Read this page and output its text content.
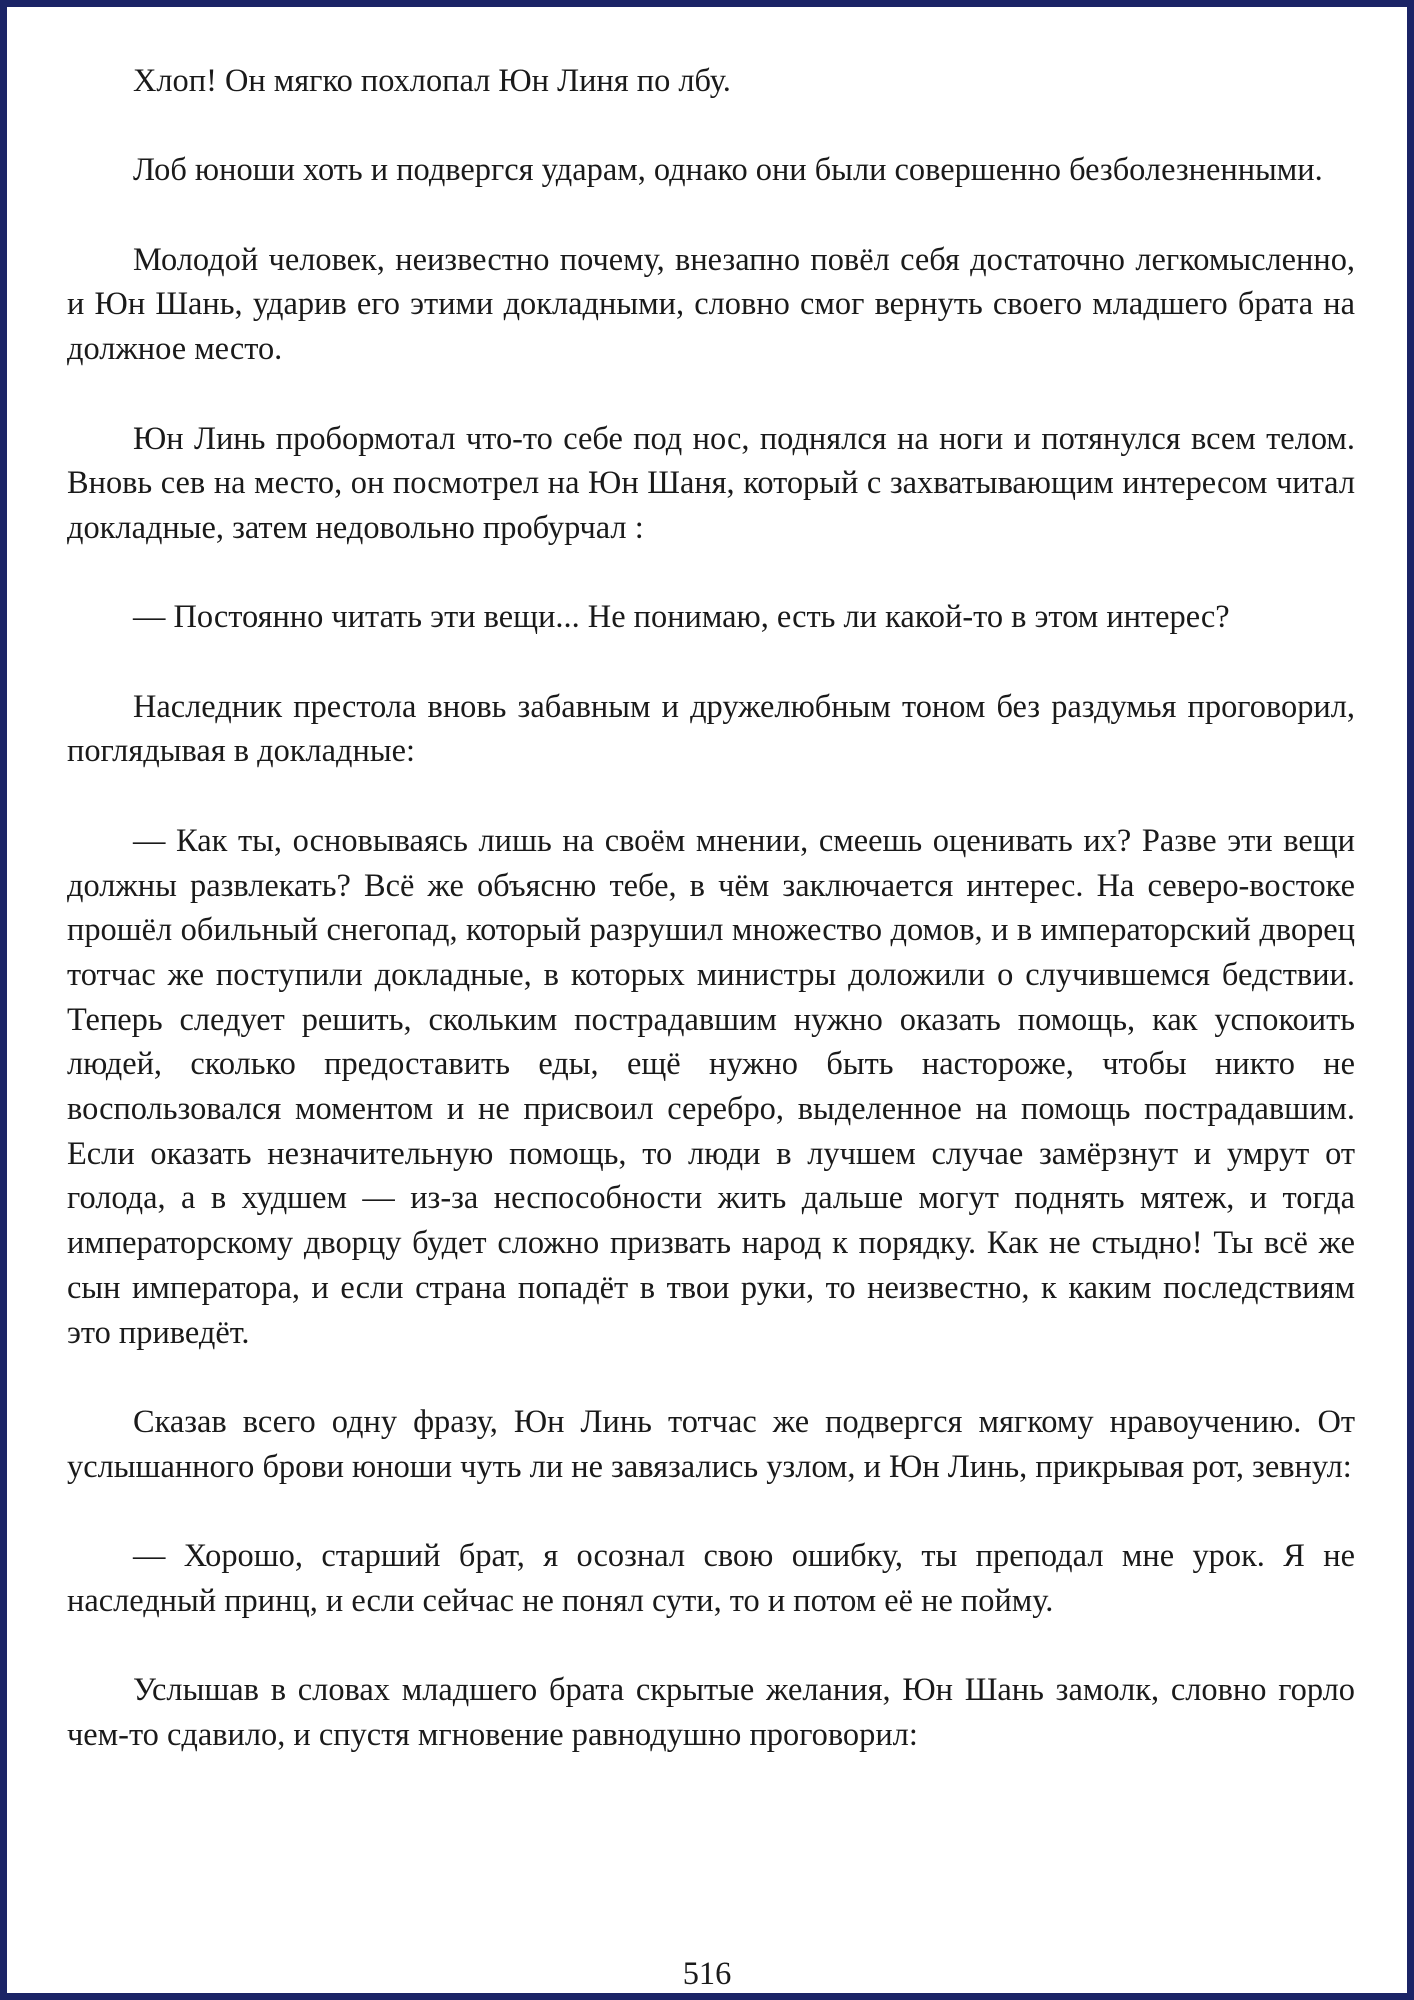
Хлоп! Он мягко похлопал Юн Линя по лбу.

Лоб юноши хоть и подвергся ударам, однако они были совершенно безболезненными.

Молодой человек, неизвестно почему, внезапно повёл себя достаточно легкомысленно, и Юн Шань, ударив его этими докладными, словно смог вернуть своего младшего брата на должное место.

Юн Линь пробормотал что-то себе под нос, поднялся на ноги и потянулся всем телом. Вновь сев на место, он посмотрел на Юн Шаня, который с захватывающим интересом читал докладные, затем недовольно пробурчал :

— Постоянно читать эти вещи... Не понимаю, есть ли какой-то в этом интерес?

Наследник престола вновь забавным и дружелюбным тоном без раздумья проговорил, поглядывая в докладные:

— Как ты, основываясь лишь на своём мнении, смеешь оценивать их? Разве эти вещи должны развлекать? Всё же объясню тебе, в чём заключается интерес. На северо-востоке прошёл обильный снегопад, который разрушил множество домов, и в императорский дворец тотчас же поступили докладные, в которых министры доложили о случившемся бедствии. Теперь следует решить, скольким пострадавшим нужно оказать помощь, как успокоить людей, сколько предоставить еды, ещё нужно быть настороже, чтобы никто не воспользовался моментом и не присвоил серебро, выделенное на помощь пострадавшим. Если оказать незначительную помощь, то люди в лучшем случае замёрзнут и умрут от голода, а в худшем — из-за неспособности жить дальше могут поднять мятеж, и тогда императорскому дворцу будет сложно призвать народ к порядку. Как не стыдно! Ты всё же сын императора, и если страна попадёт в твои руки, то неизвестно, к каким последствиям это приведёт.

Сказав всего одну фразу, Юн Линь тотчас же подвергся мягкому нравоучению. От услышанного брови юноши чуть ли не завязались узлом, и Юн Линь, прикрывая рот, зевнул:

— Хорошо, старший брат, я осознал свою ошибку, ты преподал мне урок. Я не наследный принц, и если сейчас не понял сути, то и потом её не пойму.

Услышав в словах младшего брата скрытые желания, Юн Шань замолк, словно горло чем-то сдавило, и спустя мгновение равнодушно проговорил:

516
